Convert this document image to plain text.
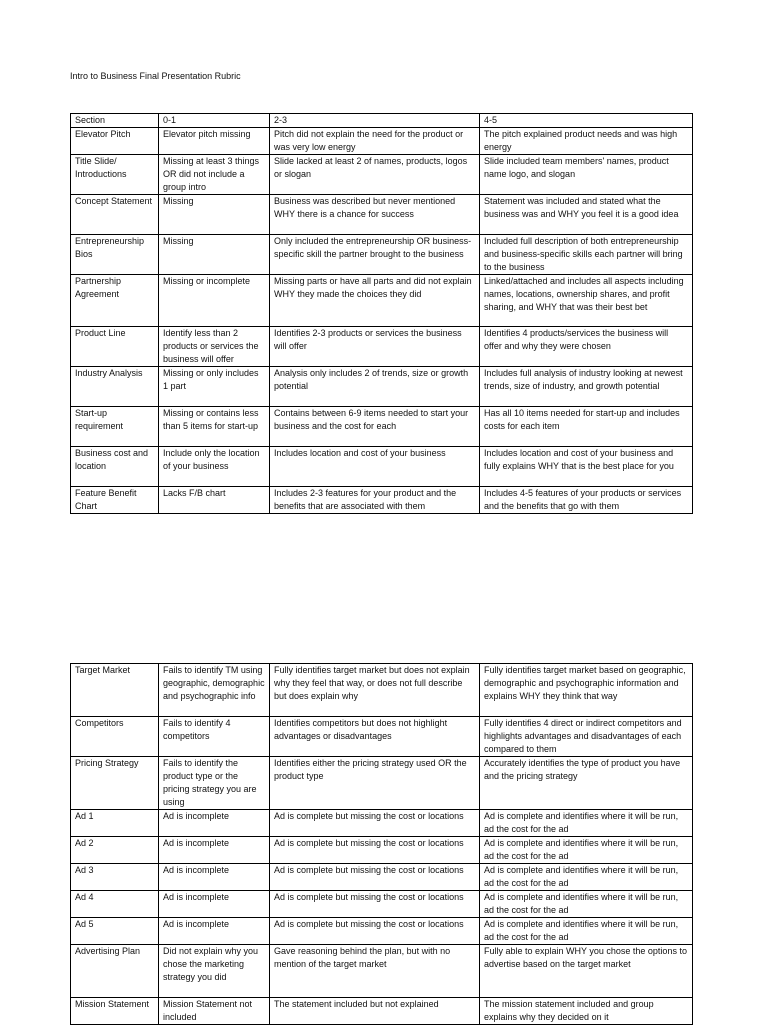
Intro to Business Final Presentation Rubric
Section	0-1	2-3	4-5
Elevator Pitch	Elevator pitch missing	Pitch did not explain the need for the product or was very low energy	The pitch explained product needs and was high energy
Title Slide/ Introductions	Missing at least 3 things OR did not include a group intro	Slide lacked at least 2 of names, products, logos or slogan	Slide included team members' names, product name logo, and slogan
Concept Statement	Missing	Business was described but never mentioned WHY there is a chance for success	Statement was included and stated what the business was and WHY you feel it is a good idea
Entrepreneurship Bios	Missing	Only included the entrepreneurship OR business-specific skill the partner brought to the business	Included full description of both entrepreneurship and business-specific skills each partner will bring to the business
Partnership Agreement	Missing or incomplete	Missing parts or have all parts and did not explain WHY they made the choices they did	Linked/attached and includes all aspects including names, locations, ownership shares, and profit sharing, and WHY that was their best bet
Product Line	Identify less than 2 products or services the business will offer	Identifies 2-3 products or services the business will offer	Identifies 4 products/services the business will offer and why they were chosen
Industry Analysis	Missing or only includes 1 part	Analysis only includes 2 of trends, size or growth potential	Includes full analysis of industry looking at newest trends, size of industry, and growth potential
Start-up requirement	Missing or contains less than 5 items for start-up	Contains between 6-9 items needed to start your business and the cost for each	Has all 10 items needed for start-up and includes costs for each item
Business cost and location	Include only the location of your business	Includes location and cost of your business	Includes location and cost of your business and fully explains WHY that is the best place for you
Feature Benefit Chart	Lacks F/B chart	Includes 2-3 features for your product and the benefits that are associated with them	Includes 4-5 features of your products or services and the benefits that go with them
Target Market	Fails to identify TM using geographic, demographic and psychographic info	Fully identifies target market but does not explain why they feel that way, or does not full describe but does explain why	Fully identifies target market based on geographic, demographic and psychographic information and explains WHY they think that way
Competitors	Fails to identify 4 competitors	Identifies competitors but does not highlight advantages or disadvantages	Fully identifies 4 direct or indirect competitors and highlights advantages and disadvantages of each compared to them
Pricing Strategy	Fails to identify the product type or the pricing strategy you are using	Identifies either the pricing strategy used OR the product type	Accurately identifies the type of product you have and the pricing strategy
Ad 1	Ad is incomplete	Ad is complete but missing the cost or locations	Ad is complete and identifies where it will be run, ad the cost for the ad
Ad 2	Ad is incomplete	Ad is complete but missing the cost or locations	Ad is complete and identifies where it will be run, ad the cost for the ad
Ad 3	Ad is incomplete	Ad is complete but missing the cost or locations	Ad is complete and identifies where it will be run, ad the cost for the ad
Ad 4	Ad is incomplete	Ad is complete but missing the cost or locations	Ad is complete and identifies where it will be run, ad the cost for the ad
Ad 5	Ad is incomplete	Ad is complete but missing the cost or locations	Ad is complete and identifies where it will be run, ad the cost for the ad
Advertising Plan	Did not explain why you chose the marketing strategy you did	Gave reasoning behind the plan, but with no mention of the target market	Fully able to explain WHY you chose the options to advertise based on the target market
Mission Statement	Mission Statement not included	The statement included but not explained	The mission statement included and group explains why they decided on it
